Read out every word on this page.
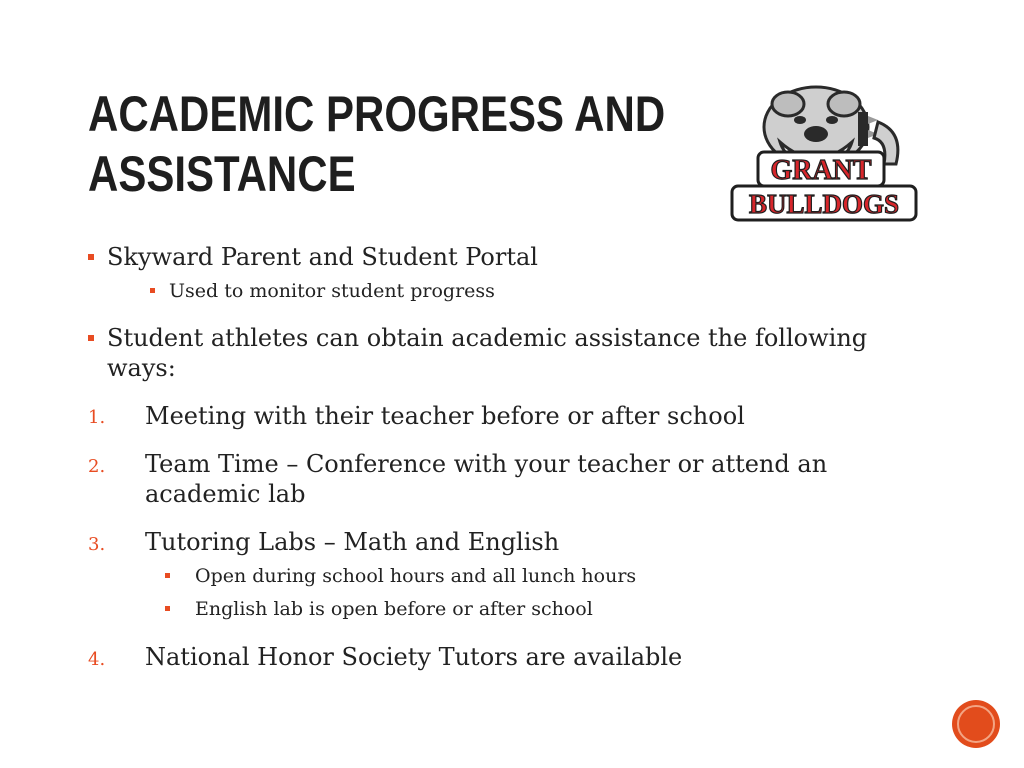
ACADEMIC PROGRESS AND
ASSISTANCE	GRANT
BULLDOGS
Skyward Parent and Student Portal
Used to monitor student progress
Student athletes can obtain academic assistance the following
ways:
1. Meeting with their teacher before or after school
2. Team Time – Conference with your teacher or attend an
academic lab
3. Tutoring Labs – Math and English
Open during school hours and all lunch hours
English lab is open before or after school
4. National Honor Society Tutors are available
